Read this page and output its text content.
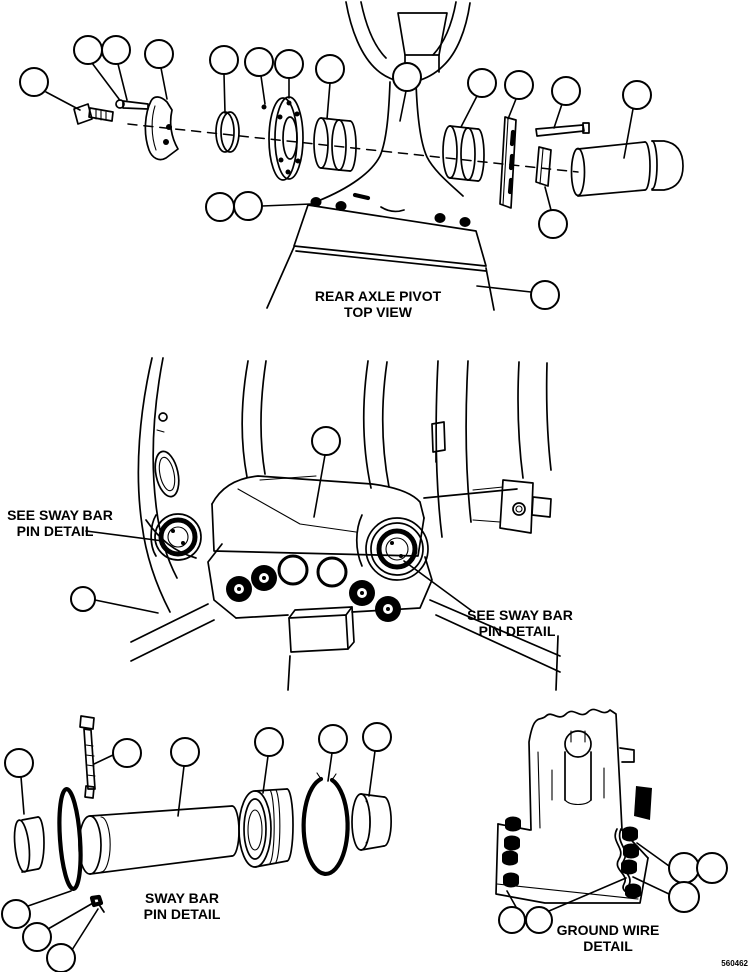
REAR AXLE PIVOT
TOP VIEW
SEE SWAY BAR
PIN DETAIL
SEE SWAY BAR
PIN DETAIL
SWAY BAR
PIN DETAIL
GROUND WIRE
DETAIL
560462
